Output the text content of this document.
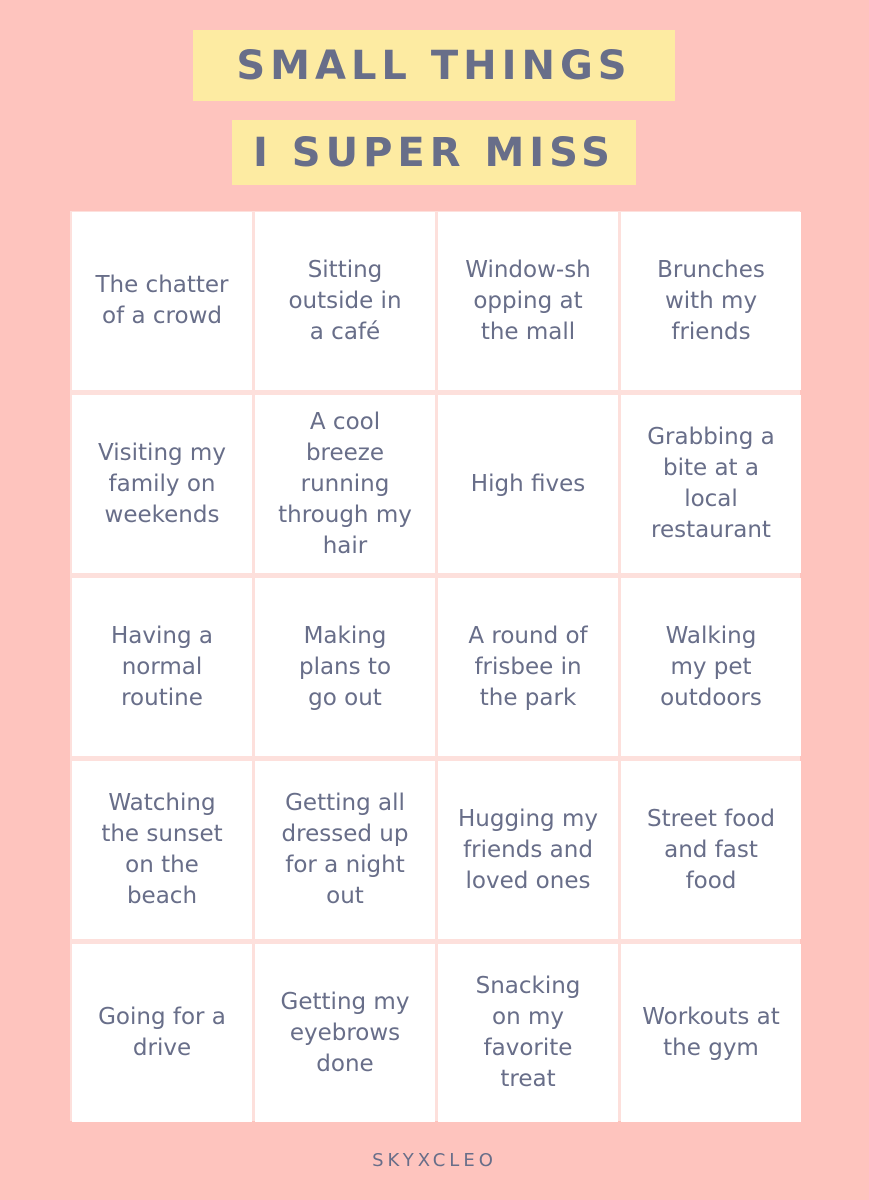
SMALL THINGS
I SUPER MISS
The chatter
of a crowd
Sitting
outside in
a café
Window-sh
opping at
the mall
Brunches
with my
friends
Visiting my
family on
weekends
A cool
breeze
running
through my
hair
High fives
Grabbing a
bite at a
local
restaurant
Having a
normal
routine
Making
plans to
go out
A round of
frisbee in
the park
Walking
my pet
outdoors
Watching
the sunset
on the
beach
Getting all
dressed up
for a night
out
Hugging my
friends and
loved ones
Street food
and fast
food
Going for a
drive
Getting my
eyebrows
done
Snacking
on my
favorite
treat
Workouts at
the gym
SKYXCLEO
